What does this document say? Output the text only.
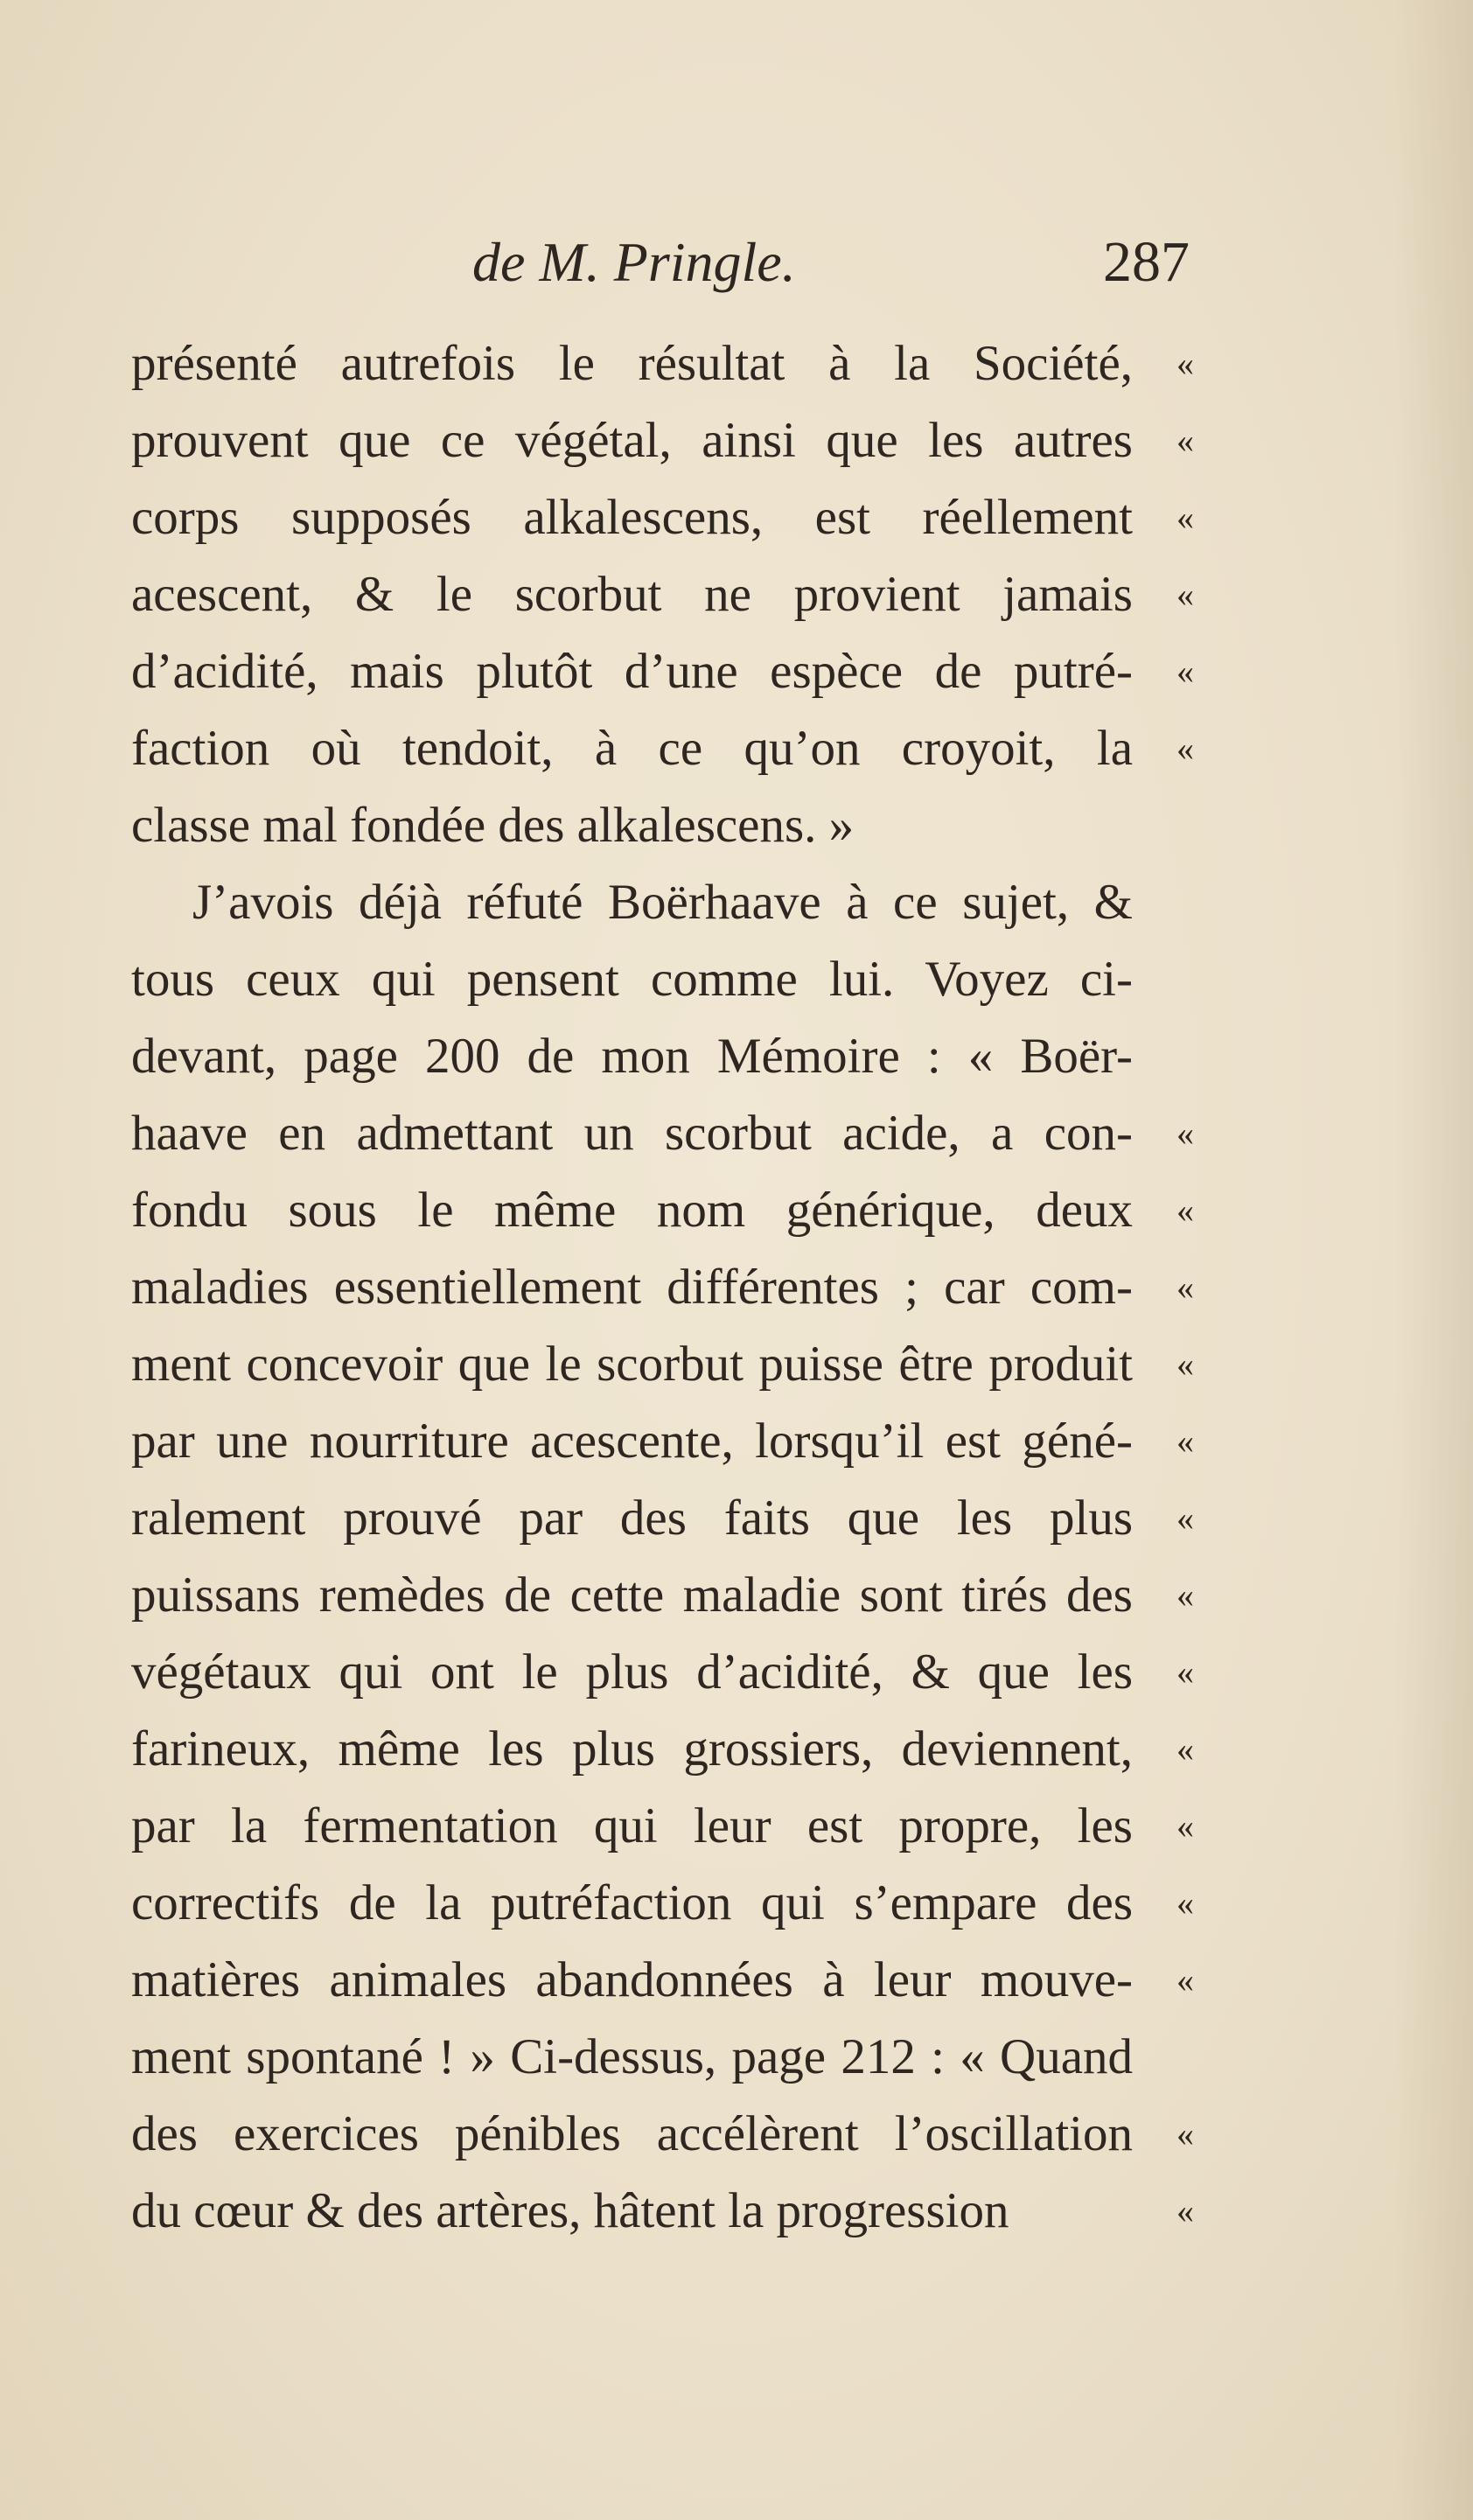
de M. Pringle.	287
présenté autrefois le résultat à la Société, «
prouvent que ce végétal, ainsi que les autres «
corps supposés alkalescens, est réellement «
acescent, & le scorbut ne provient jamais «
d’acidité, mais plutôt d’une espèce de putré- «
faction où tendoit, à ce qu’on croyoit, la «
classe mal fondée des alkalescens. »
J’avois déjà réfuté Boërhaave à ce sujet, &
tous ceux qui pensent comme lui. Voyez ci-
devant, page 200 de mon Mémoire : « Boër-
haave en admettant un scorbut acide, a con- «
fondu sous le même nom générique, deux «
maladies essentiellement différentes ; car com- «
ment concevoir que le scorbut puisse être produit «
par une nourriture acescente, lorsqu’il est géné- «
ralement prouvé par des faits que les plus «
puissans remèdes de cette maladie sont tirés des «
végétaux qui ont le plus d’acidité, & que les «
farineux, même les plus grossiers, deviennent, «
par la fermentation qui leur est propre, les «
correctifs de la putréfaction qui s’empare des «
matières animales abandonnées à leur mouve- «
ment spontané ! » Ci-dessus, page 212 : « Quand
des exercices pénibles accélèrent l’oscillation «
du cœur & des artères, hâtent la progression	«
